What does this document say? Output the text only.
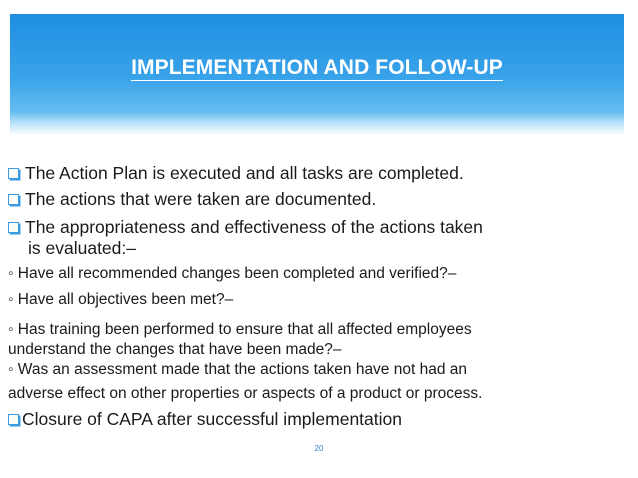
IMPLEMENTATION AND FOLLOW-UP
The Action Plan is executed and all tasks are completed.
The actions that were taken are documented.
The appropriateness and effectiveness of the actions taken
is evaluated:–
◦ Have all recommended changes been completed and verified?–
◦ Have all objectives been met?–
◦ Has training been performed to ensure that all affected employees
understand the changes that have been made?–
◦ Was an assessment made that the actions taken have not had an
adverse effect on other properties or aspects of a product or process.
Closure of CAPA after successful implementation
20
